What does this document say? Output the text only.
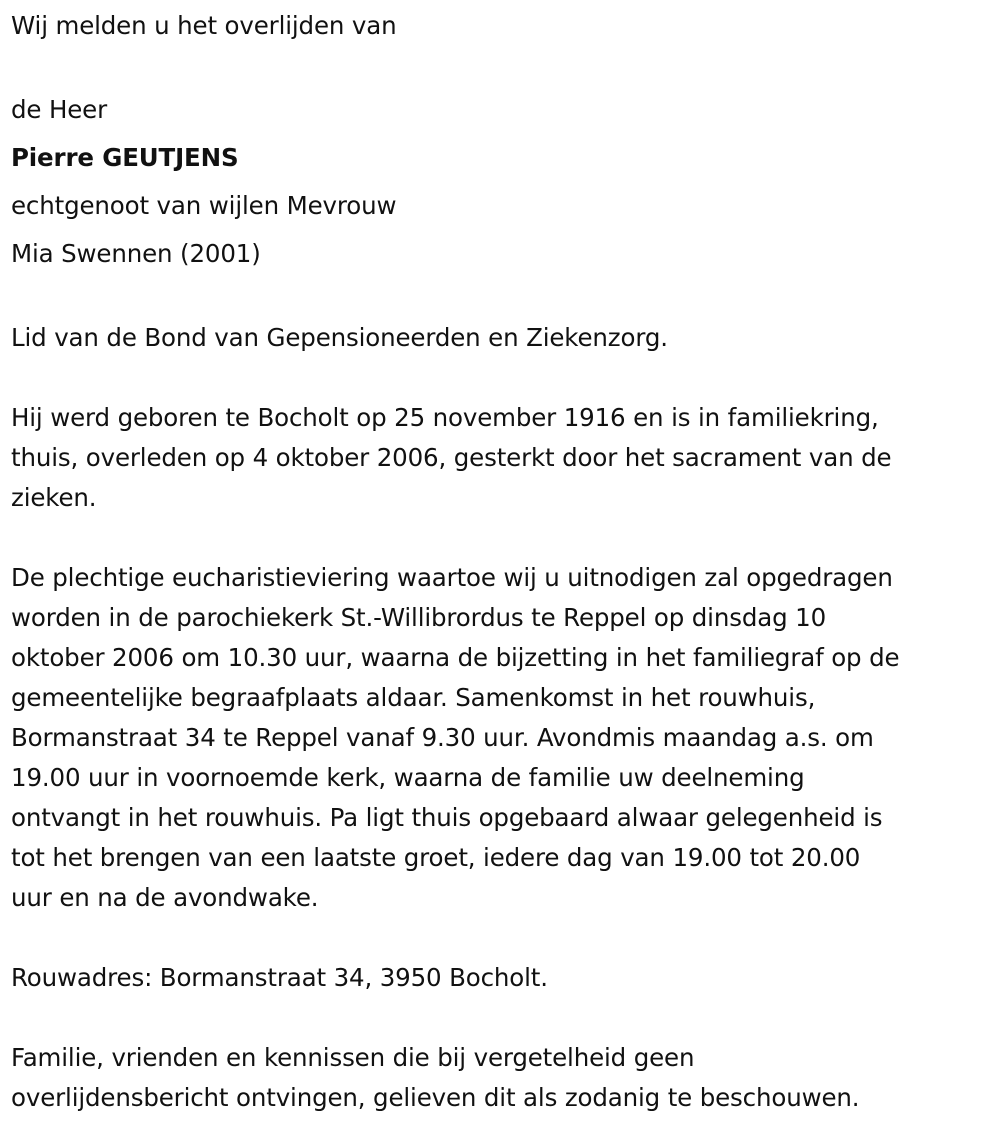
Wij melden u het overlijden van
de Heer
Pierre GEUTJENS
echtgenoot van wijlen Mevrouw
Mia Swennen (2001)
Lid van de Bond van Gepensioneerden en Ziekenzorg.
Hij werd geboren te Bocholt op 25 november 1916 en is in familiekring,
thuis, overleden op 4 oktober 2006, gesterkt door het sacrament van de
zieken.
De plechtige eucharistieviering waartoe wij u uitnodigen zal opgedragen
worden in de parochiekerk St.-Willibrordus te Reppel op dinsdag 10
oktober 2006 om 10.30 uur, waarna de bijzetting in het familiegraf op de
gemeentelijke begraafplaats aldaar. Samenkomst in het rouwhuis,
Bormanstraat 34 te Reppel vanaf 9.30 uur. Avondmis maandag a.s. om
19.00 uur in voornoemde kerk, waarna de familie uw deelneming
ontvangt in het rouwhuis. Pa ligt thuis opgebaard alwaar gelegenheid is
tot het brengen van een laatste groet, iedere dag van 19.00 tot 20.00
uur en na de avondwake.
Rouwadres: Bormanstraat 34, 3950 Bocholt.
Familie, vrienden en kennissen die bij vergetelheid geen
overlijdensbericht ontvingen, gelieven dit als zodanig te beschouwen.
